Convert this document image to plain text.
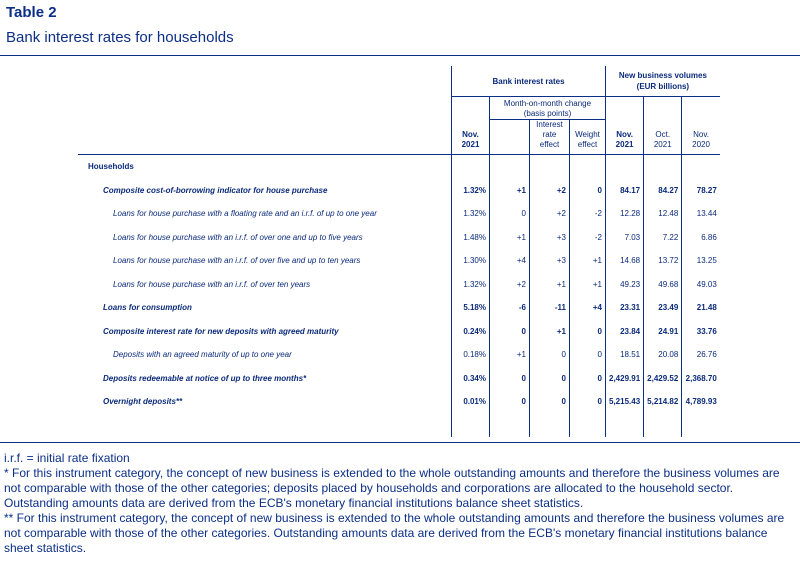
Table 2
Bank interest rates for households
	Bank interest rates				New business volumes (EUR billions)		
		Month-on-month change (basis points)					
	Nov. 2021		Interest rate effect	Weight effect	Nov. 2021	Oct. 2021	Nov. 2020

Households							
Composite cost-of-borrowing indicator for house purchase	1.32%	+1	+2	0	84.17	84.27	78.27
Loans for house purchase with a floating rate and an i.r.f. of up to one year	1.32%	0	+2	-2	12.28	12.48	13.44
Loans for house purchase with an i.r.f. of over one and up to five years	1.48%	+1	+3	-2	7.03	7.22	6.86
Loans for house purchase with an i.r.f. of over five and up to ten years	1.30%	+4	+3	+1	14.68	13.72	13.25
Loans for house purchase with an i.r.f. of over ten years	1.32%	+2	+1	+1	49.23	49.68	49.03
Loans for consumption	5.18%	-6	-11	+4	23.31	23.49	21.48
Composite interest rate for new deposits with agreed maturity	0.24%	0	+1	0	23.84	24.91	33.76
Deposits with an agreed maturity of up to one year	0.18%	+1	0	0	18.51	20.08	26.76
Deposits redeemable at notice of up to three months*	0.34%	0	0	0	2,429.91	2,429.52	2,368.70
Overnight deposits**	0.01%	0	0	0	5,215.43	5,214.82	4,789.93

i.r.f. = initial rate fixation

* For this instrument category, the concept of new business is extended to the whole outstanding amounts and therefore the business volumes are not comparable with those of the other categories; deposits placed by households and corporations are allocated to the household sector. Outstanding amounts data are derived from the ECB's monetary financial institutions balance sheet statistics.

** For this instrument category, the concept of new business is extended to the whole outstanding amounts and therefore the business volumes are not comparable with those of the other categories. Outstanding amounts data are derived from the ECB's monetary financial institutions balance sheet statistics.
